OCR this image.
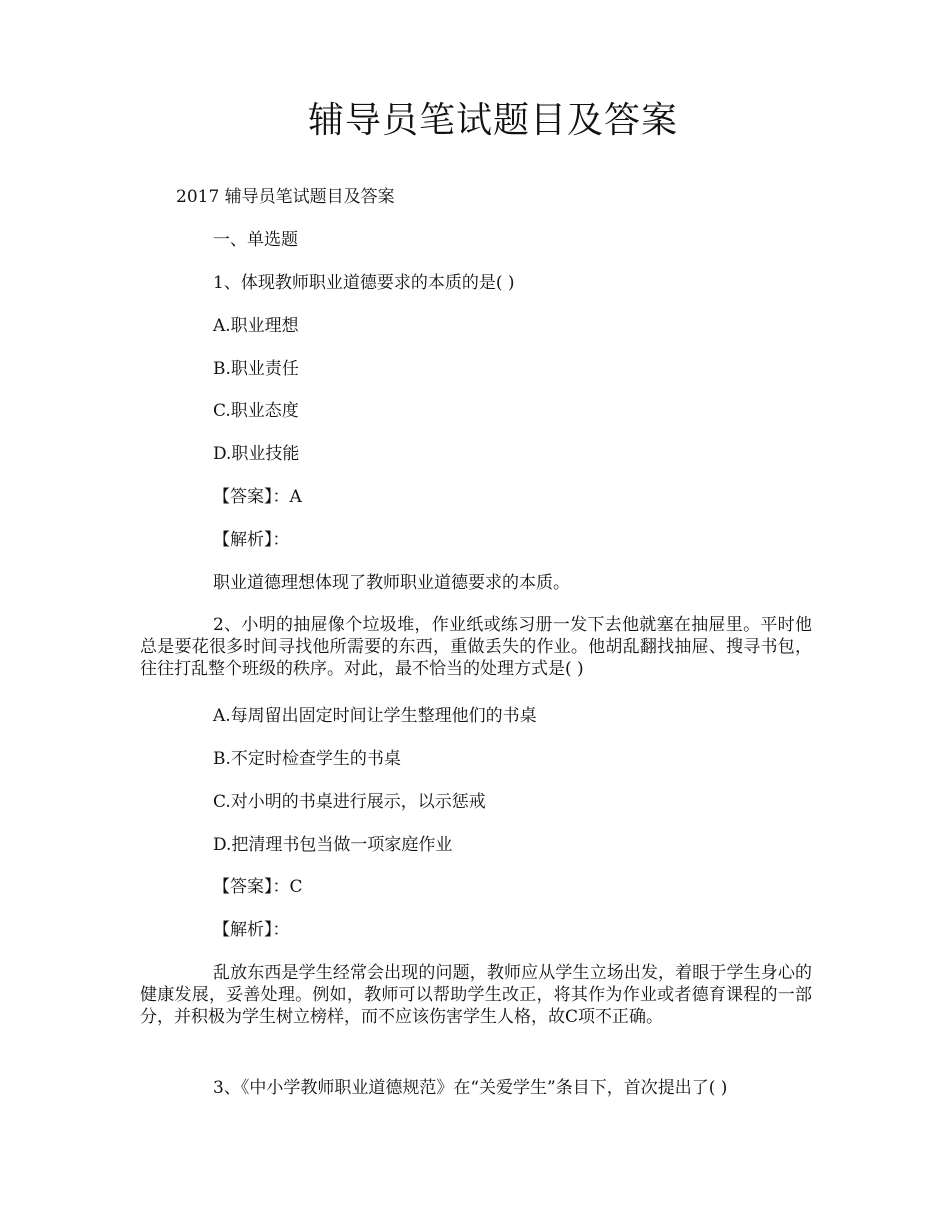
辅导员笔试题目及答案
2017 辅导员笔试题目及答案
一、单选题
1、体现教师职业道德要求的本质的是( )
A.职业理想
B.职业责任
C.职业态度
D.职业技能
【答案】：A
【解析】：
职业道德理想体现了教师职业道德要求的本质。
2、小明的抽屉像个垃圾堆，作业纸或练习册一发下去他就塞在抽屉里。平时他总是要花很多时间寻找他所需要的东西，重做丢失的作业。他胡乱翻找抽屉、搜寻书包，往往打乱整个班级的秩序。对此，最不恰当的处理方式是( )
A.每周留出固定时间让学生整理他们的书桌
B.不定时检查学生的书桌
C.对小明的书桌进行展示，以示惩戒
D.把清理书包当做一项家庭作业
【答案】：C
【解析】：
乱放东西是学生经常会出现的问题，教师应从学生立场出发，着眼于学生身心的健康发展，妥善处理。例如，教师可以帮助学生改正，将其作为作业或者德育课程的一部分，并积极为学生树立榜样，而不应该伤害学生人格，故C项不正确。
3、《中小学教师职业道德规范》在“关爱学生”条目下，首次提出了( )
